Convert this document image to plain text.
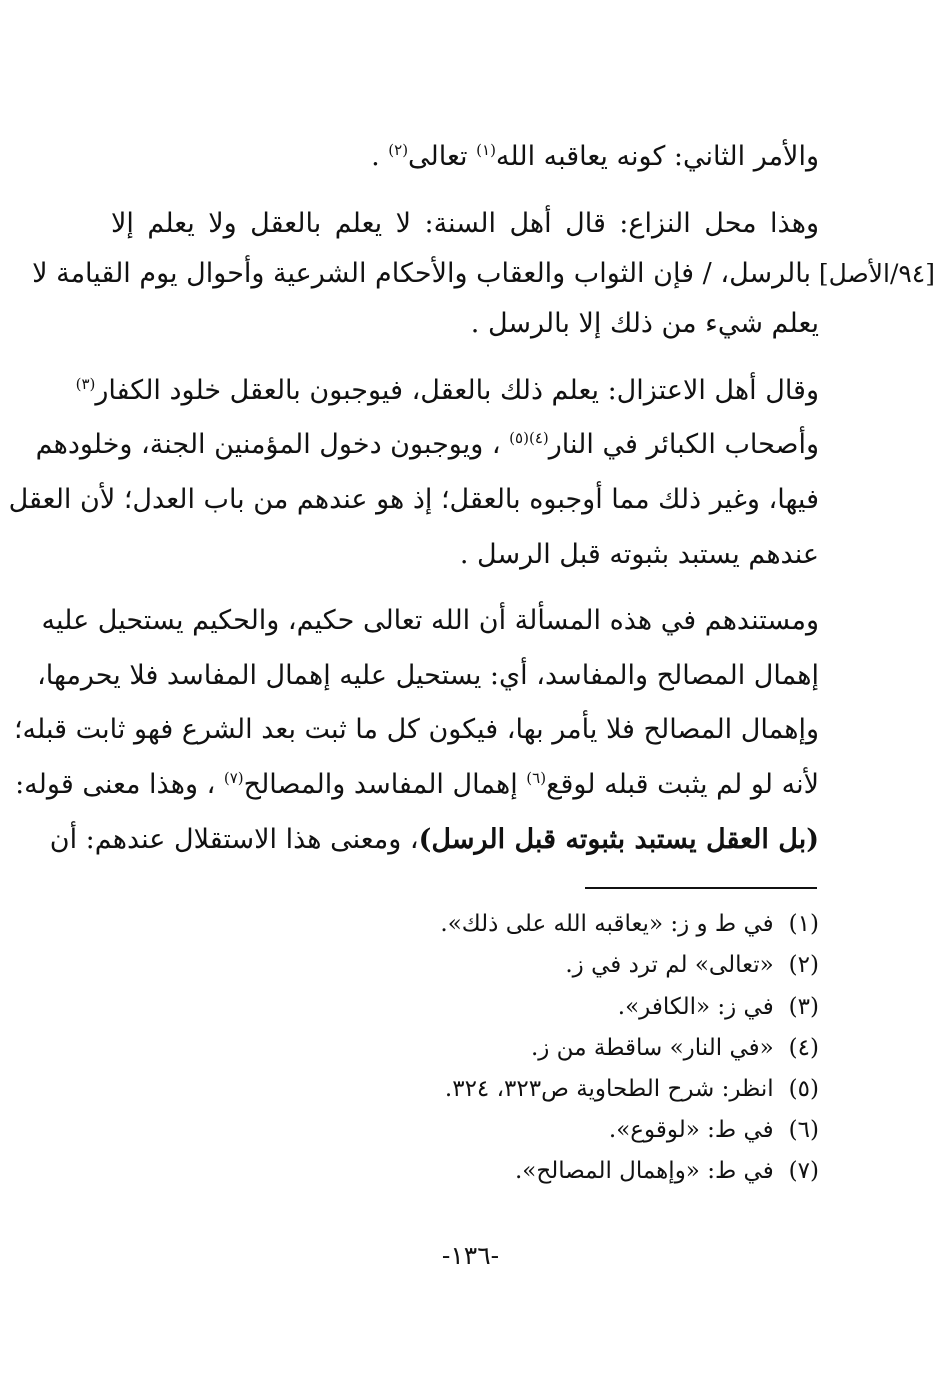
والأمر الثاني: كونه يعاقبه الله$^{(١)}$ تعالى$^{(٢)}$ .
وهذا محل النزاع: قال أهل السنة: لا يعلم بالعقل ولا يعلم إلا
بالرسل، / فإن الثواب والعقاب والأحكام الشرعية وأحوال يوم القيامة لا [٩٤/الأصل]
يعلم شيء من ذلك إلا بالرسل .
وقال أهل الاعتزال: يعلم ذلك بالعقل، فيوجبون بالعقل خلود الكفار$^{(٣)}$
وأصحاب الكبائر في النار$^{(٤)(٥)}$ ، ويوجبون دخول المؤمنين الجنة، وخلودهم
فيها، وغير ذلك مما أوجبوه بالعقل؛ إذ هو عندهم من باب العدل؛ لأن العقل
عندهم يستبد بثبوته قبل الرسل .
ومستندهم في هذه المسألة أن الله تعالى حكيم، والحكيم يستحيل عليه
إهمال المصالح والمفاسد، أي: يستحيل عليه إهمال المفاسد فلا يحرمها،
وإهمال المصالح فلا يأمر بها، فيكون كل ما ثبت بعد الشرع فهو ثابت قبله؛
لأنه لو لم يثبت قبله لوقع$^{(٦)}$ إهمال المفاسد والمصالح$^{(٧)}$ ، وهذا معنى قوله:
(بل العقل يستبد بثبوته قبل الرسل)، ومعنى هذا الاستقلال عندهم: أن
(١) في ط و ز: «يعاقبه الله على ذلك».
(٢) «تعالى» لم ترد في ز.
(٣) في ز: «الكافر».
(٤) «في النار» ساقطة من ز.
(٥) انظر: شرح الطحاوية ص٣٢٣، ٣٢٤.
(٦) في ط: «لوقوع».
(٧) في ط: «وإهمال المصالح».
-١٣٦-
